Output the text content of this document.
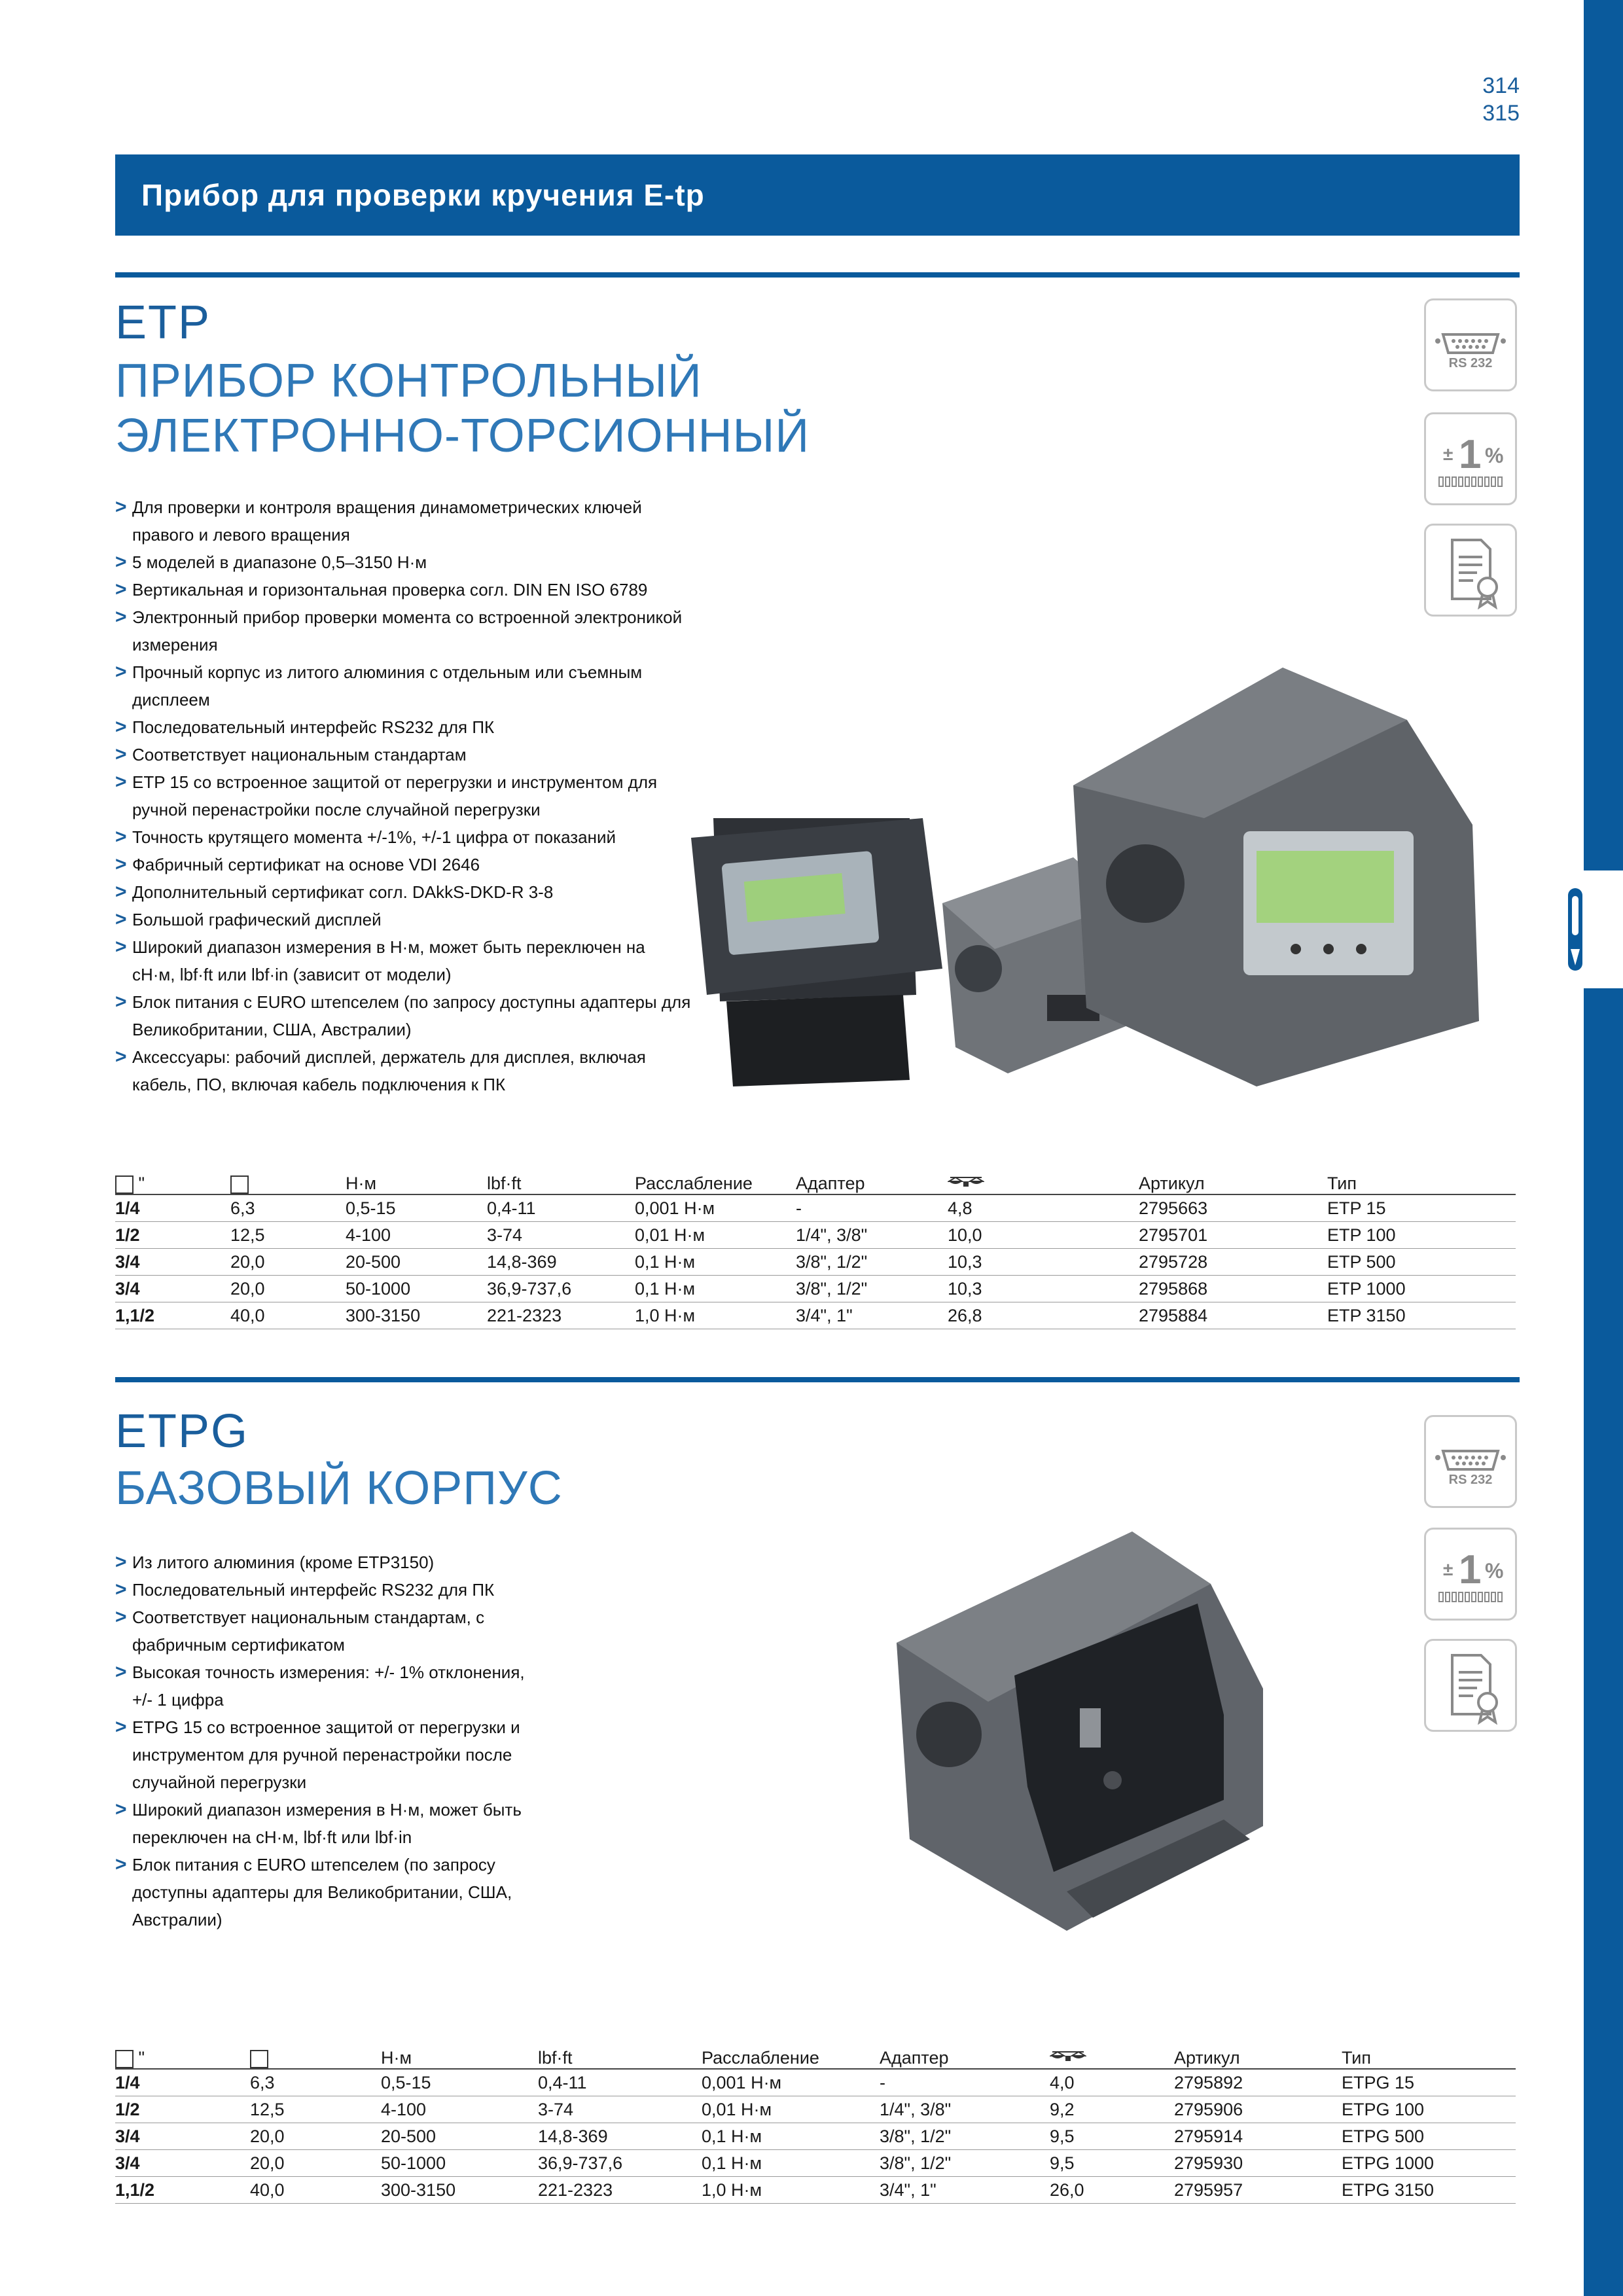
314
315
Прибор для проверки кручения E-tp
ETP
ПРИБОР КОНТРОЛЬНЫЙ ЭЛЕКТРОННО-ТОРСИОННЫЙ
> Для проверки и контроля вращения динамометрических ключей правого и левого вращения
> 5 моделей в диапазоне 0,5–3150 Н·м
> Вертикальная и горизонтальная проверка согл. DIN EN ISO 6789
> Электронный прибор проверки момента со встроенной электроникой измерения
> Прочный корпус из литого алюминия с отдельным или съемным дисплеем
> Последовательный интерфейс RS232 для ПК
> Соответствует национальным стандартам
> ETP 15 со встроенное защитой от перегрузки и инструментом для ручной перенастройки после случайной перегрузки
> Точность крутящего момента +/-1%, +/-1 цифра от показаний
> Фабричный сертификат на основе VDI 2646
> Дополнительный сертификат согл. DAkkS-DKD-R 3-8
> Большой графический дисплей
> Широкий диапазон измерения в Н·м, может быть переключен на сН·м, lbf·ft или lbf·in (зависит от модели)
> Блок питания с EURO штепселем (по запросу доступны адаптеры для Великобритании, США, Австралии)
> Аксессуары: рабочий дисплей, держатель для дисплея, включая кабель, ПО, включая кабель подключения к ПК
RS 232
± 1 %
"		Н·м	lbf·ft	Расслабление	Адаптер		Артикул	Тип
1/4	6,3	0,5-15	0,4-11	0,001 Н·м	-	4,8	2795663	ETP 15
1/2	12,5	4-100	3-74	0,01 Н·м	1/4", 3/8"	10,0	2795701	ETP 100
3/4	20,0	20-500	14,8-369	0,1 Н·м	3/8", 1/2"	10,3	2795728	ETP 500
3/4	20,0	50-1000	36,9-737,6	0,1 Н·м	3/8", 1/2"	10,3	2795868	ETP 1000
1,1/2	40,0	300-3150	221-2323	1,0 Н·м	3/4", 1"	26,8	2795884	ETP 3150
ETPG
БАЗОВЫЙ КОРПУС
> Из литого алюминия (кроме ETP3150)
> Последовательный интерфейс RS232 для ПК
> Соответствует национальным стандартам, с фабричным сертификатом
> Высокая точность измерения: +/- 1% отклонения, +/- 1 цифра
> ETPG 15 со встроенное защитой от перегрузки и инструментом для ручной перенастройки после случайной перегрузки
> Широкий диапазон измерения в Н·м, может быть переключен на сН·м, lbf·ft или lbf·in
> Блок питания с EURO штепселем (по запросу доступны адаптеры для Великобритании, США, Австралии)
RS 232
± 1 %
"		Н·м	lbf·ft	Расслабление	Адаптер		Артикул	Тип
1/4	6,3	0,5-15	0,4-11	0,001 Н·м	-	4,0	2795892	ETPG 15
1/2	12,5	4-100	3-74	0,01 Н·м	1/4", 3/8"	9,2	2795906	ETPG 100
3/4	20,0	20-500	14,8-369	0,1 Н·м	3/8", 1/2"	9,5	2795914	ETPG 500
3/4	20,0	50-1000	36,9-737,6	0,1 Н·м	3/8", 1/2"	9,5	2795930	ETPG 1000
1,1/2	40,0	300-3150	221-2323	1,0 Н·м	3/4", 1"	26,0	2795957	ETPG 3150
